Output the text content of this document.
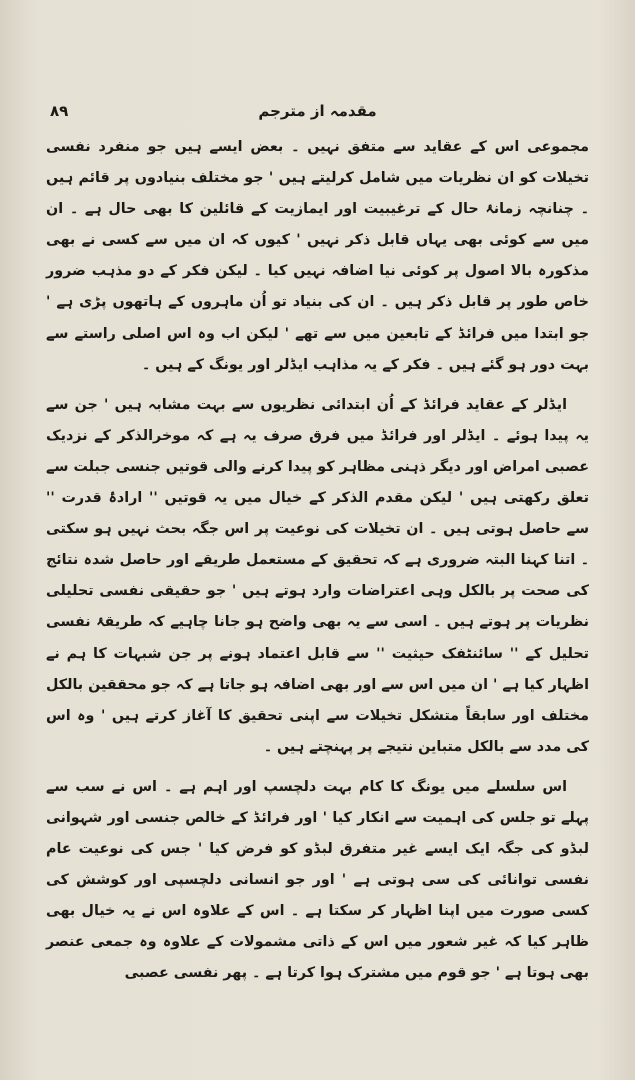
مقدمہ از مترجم
۸۹

مجموعی اس کے عقاید سے متفق نہیں ۔ بعض ایسے ہیں جو منفرد نفسی تخیلات کو ان نظریات میں شامل کرلیتے ہیں ' جو مختلف بنیادوں پر قائم ہیں ۔ چنانچہ زمانۂ حال کے ترغیبیت اور ایمازیت کے قائلین کا بھی حال ہے ۔ ان میں سے کوئی بھی یہاں قابل ذکر نہیں ' کیوں کہ ان میں سے کسی نے بھی مذکورہ بالا اصول پر کوئی نیا اضافہ نہیں کیا ۔ لیکن فکر کے دو مذہب ضرور خاص طور پر قابل ذکر ہیں ۔ ان کی بنیاد تو اُن ماہروں کے ہاتھوں پڑی ہے ' جو ابتدا میں فرائڈ کے تابعین میں سے تھے ' لیکن اب وہ اس اصلی راستے سے بہت دور ہو گئے ہیں ۔ فکر کے یہ مذاہب ایڈلر اور یونگ کے ہیں ۔

ایڈلر کے عقاید فرائڈ کے اُن ابتدائی نظریوں سے بہت مشابہ ہیں ' جن سے یہ پیدا ہوئے ۔ ایڈلر اور فرائڈ میں فرق صرف یہ ہے کہ موخرالذکر کے نزدیک عصبی امراض اور دیگر ذہنی مظاہر کو پیدا کرنے والی قوتیں جنسی جبلت سے تعلق رکھتی ہیں ' لیکن مقدم الذکر کے خیال میں یہ قوتیں '' ارادۂ قدرت '' سے حاصل ہوتی ہیں ۔ ان تخیلات کی نوعیت پر اس جگہ بحث نہیں ہو سکتی ۔ اتنا کہنا البتہ ضروری ہے کہ تحقیق کے مستعمل طریقے اور حاصل شدہ نتائج کی صحت پر بالکل وہی اعتراضات وارد ہوتے ہیں ' جو حقیقی نفسی تحلیلی نظریات پر ہوتے ہیں ۔ اسی سے یہ بھی واضح ہو جانا چاہیے کہ طریقۂ نفسی تحلیل کے '' سائنٹفک حیثیت '' سے قابل اعتماد ہونے پر جن شبہات کا ہم نے اظہار کیا ہے ' ان میں اس سے اور بھی اضافہ ہو جاتا ہے کہ جو محققین بالکل مختلف اور سابقاً متشکل تخیلات سے اپنی تحقیق کا آغاز کرتے ہیں ' وہ اس کی مدد سے بالکل متباین نتیجے پر پہنچتے ہیں ۔

اس سلسلے میں یونگ کا کام بہت دلچسپ اور اہم ہے ۔ اس نے سب سے پہلے تو جلس کی اہمیت سے انکار کیا ' اور فرائڈ کے خالص جنسی اور شہوانی لبڈو کی جگہ ایک ایسے غیر متفرق لبڈو کو فرض کیا ' جس کی نوعیت عام نفسی توانائی کی سی ہوتی ہے ' اور جو انسانی دلچسپی اور کوشش کی کسی صورت میں اپنا اظہار کر سکتا ہے ۔ اس کے علاوہ اس نے یہ خیال بھی ظاہر کیا کہ غیر شعور میں اس کے ذاتی مشمولات کے علاوہ وہ جمعی عنصر بھی ہوتا ہے ' جو قوم میں مشترک ہوا کرتا ہے ۔ پھر نفسی عصبی
